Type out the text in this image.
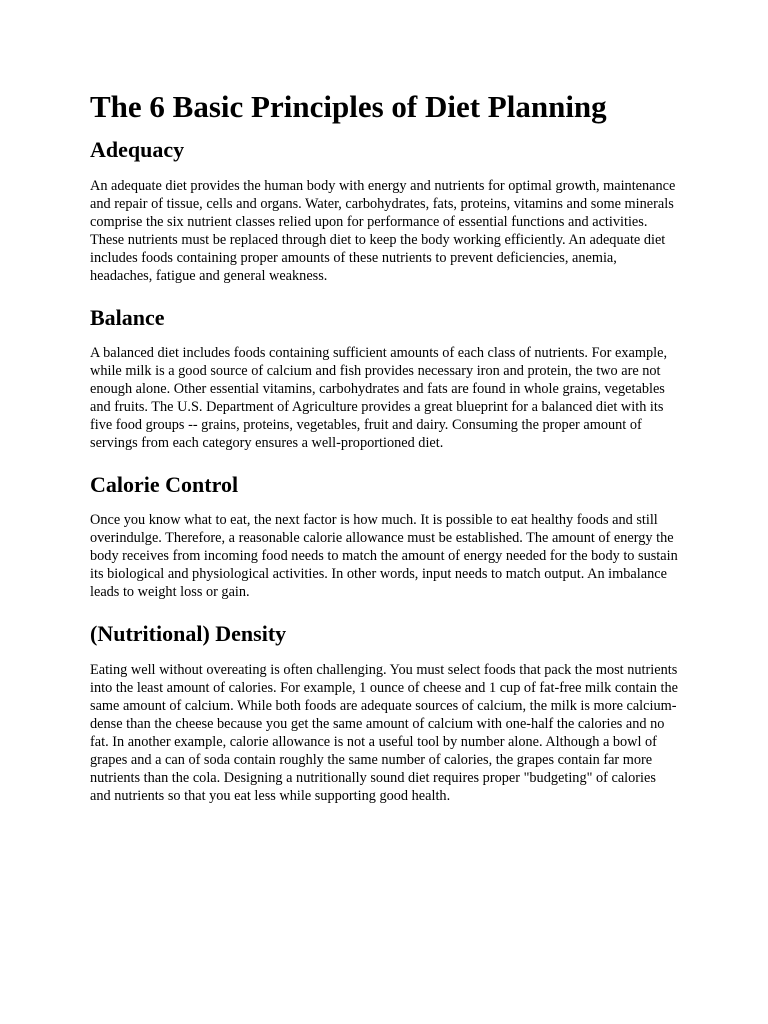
The 6 Basic Principles of Diet Planning
Adequacy

An adequate diet provides the human body with energy and nutrients for optimal growth, maintenance and repair of tissue, cells and organs. Water, carbohydrates, fats, proteins, vitamins and some minerals comprise the six nutrient classes relied upon for performance of essential functions and activities. These nutrients must be replaced through diet to keep the body working efficiently. An adequate diet includes foods containing proper amounts of these nutrients to prevent deficiencies, anemia, headaches, fatigue and general weakness.

Balance

A balanced diet includes foods containing sufficient amounts of each class of nutrients. For example, while milk is a good source of calcium and fish provides necessary iron and protein, the two are not enough alone. Other essential vitamins, carbohydrates and fats are found in whole grains, vegetables and fruits. The U.S. Department of Agriculture provides a great blueprint for a balanced diet with its five food groups -- grains, proteins, vegetables, fruit and dairy. Consuming the proper amount of servings from each category ensures a well-proportioned diet.

Calorie Control

Once you know what to eat, the next factor is how much. It is possible to eat healthy foods and still overindulge. Therefore, a reasonable calorie allowance must be established. The amount of energy the body receives from incoming food needs to match the amount of energy needed for the body to sustain its biological and physiological activities. In other words, input needs to match output. An imbalance leads to weight loss or gain.

(Nutritional) Density

Eating well without overeating is often challenging. You must select foods that pack the most nutrients into the least amount of calories. For example, 1 ounce of cheese and 1 cup of fat-free milk contain the same amount of calcium. While both foods are adequate sources of calcium, the milk is more calcium-dense than the cheese because you get the same amount of calcium with one-half the calories and no fat. In another example, calorie allowance is not a useful tool by number alone. Although a bowl of grapes and a can of soda contain roughly the same number of calories, the grapes contain far more nutrients than the cola. Designing a nutritionally sound diet requires proper "budgeting" of calories and nutrients so that you eat less while supporting good health.
